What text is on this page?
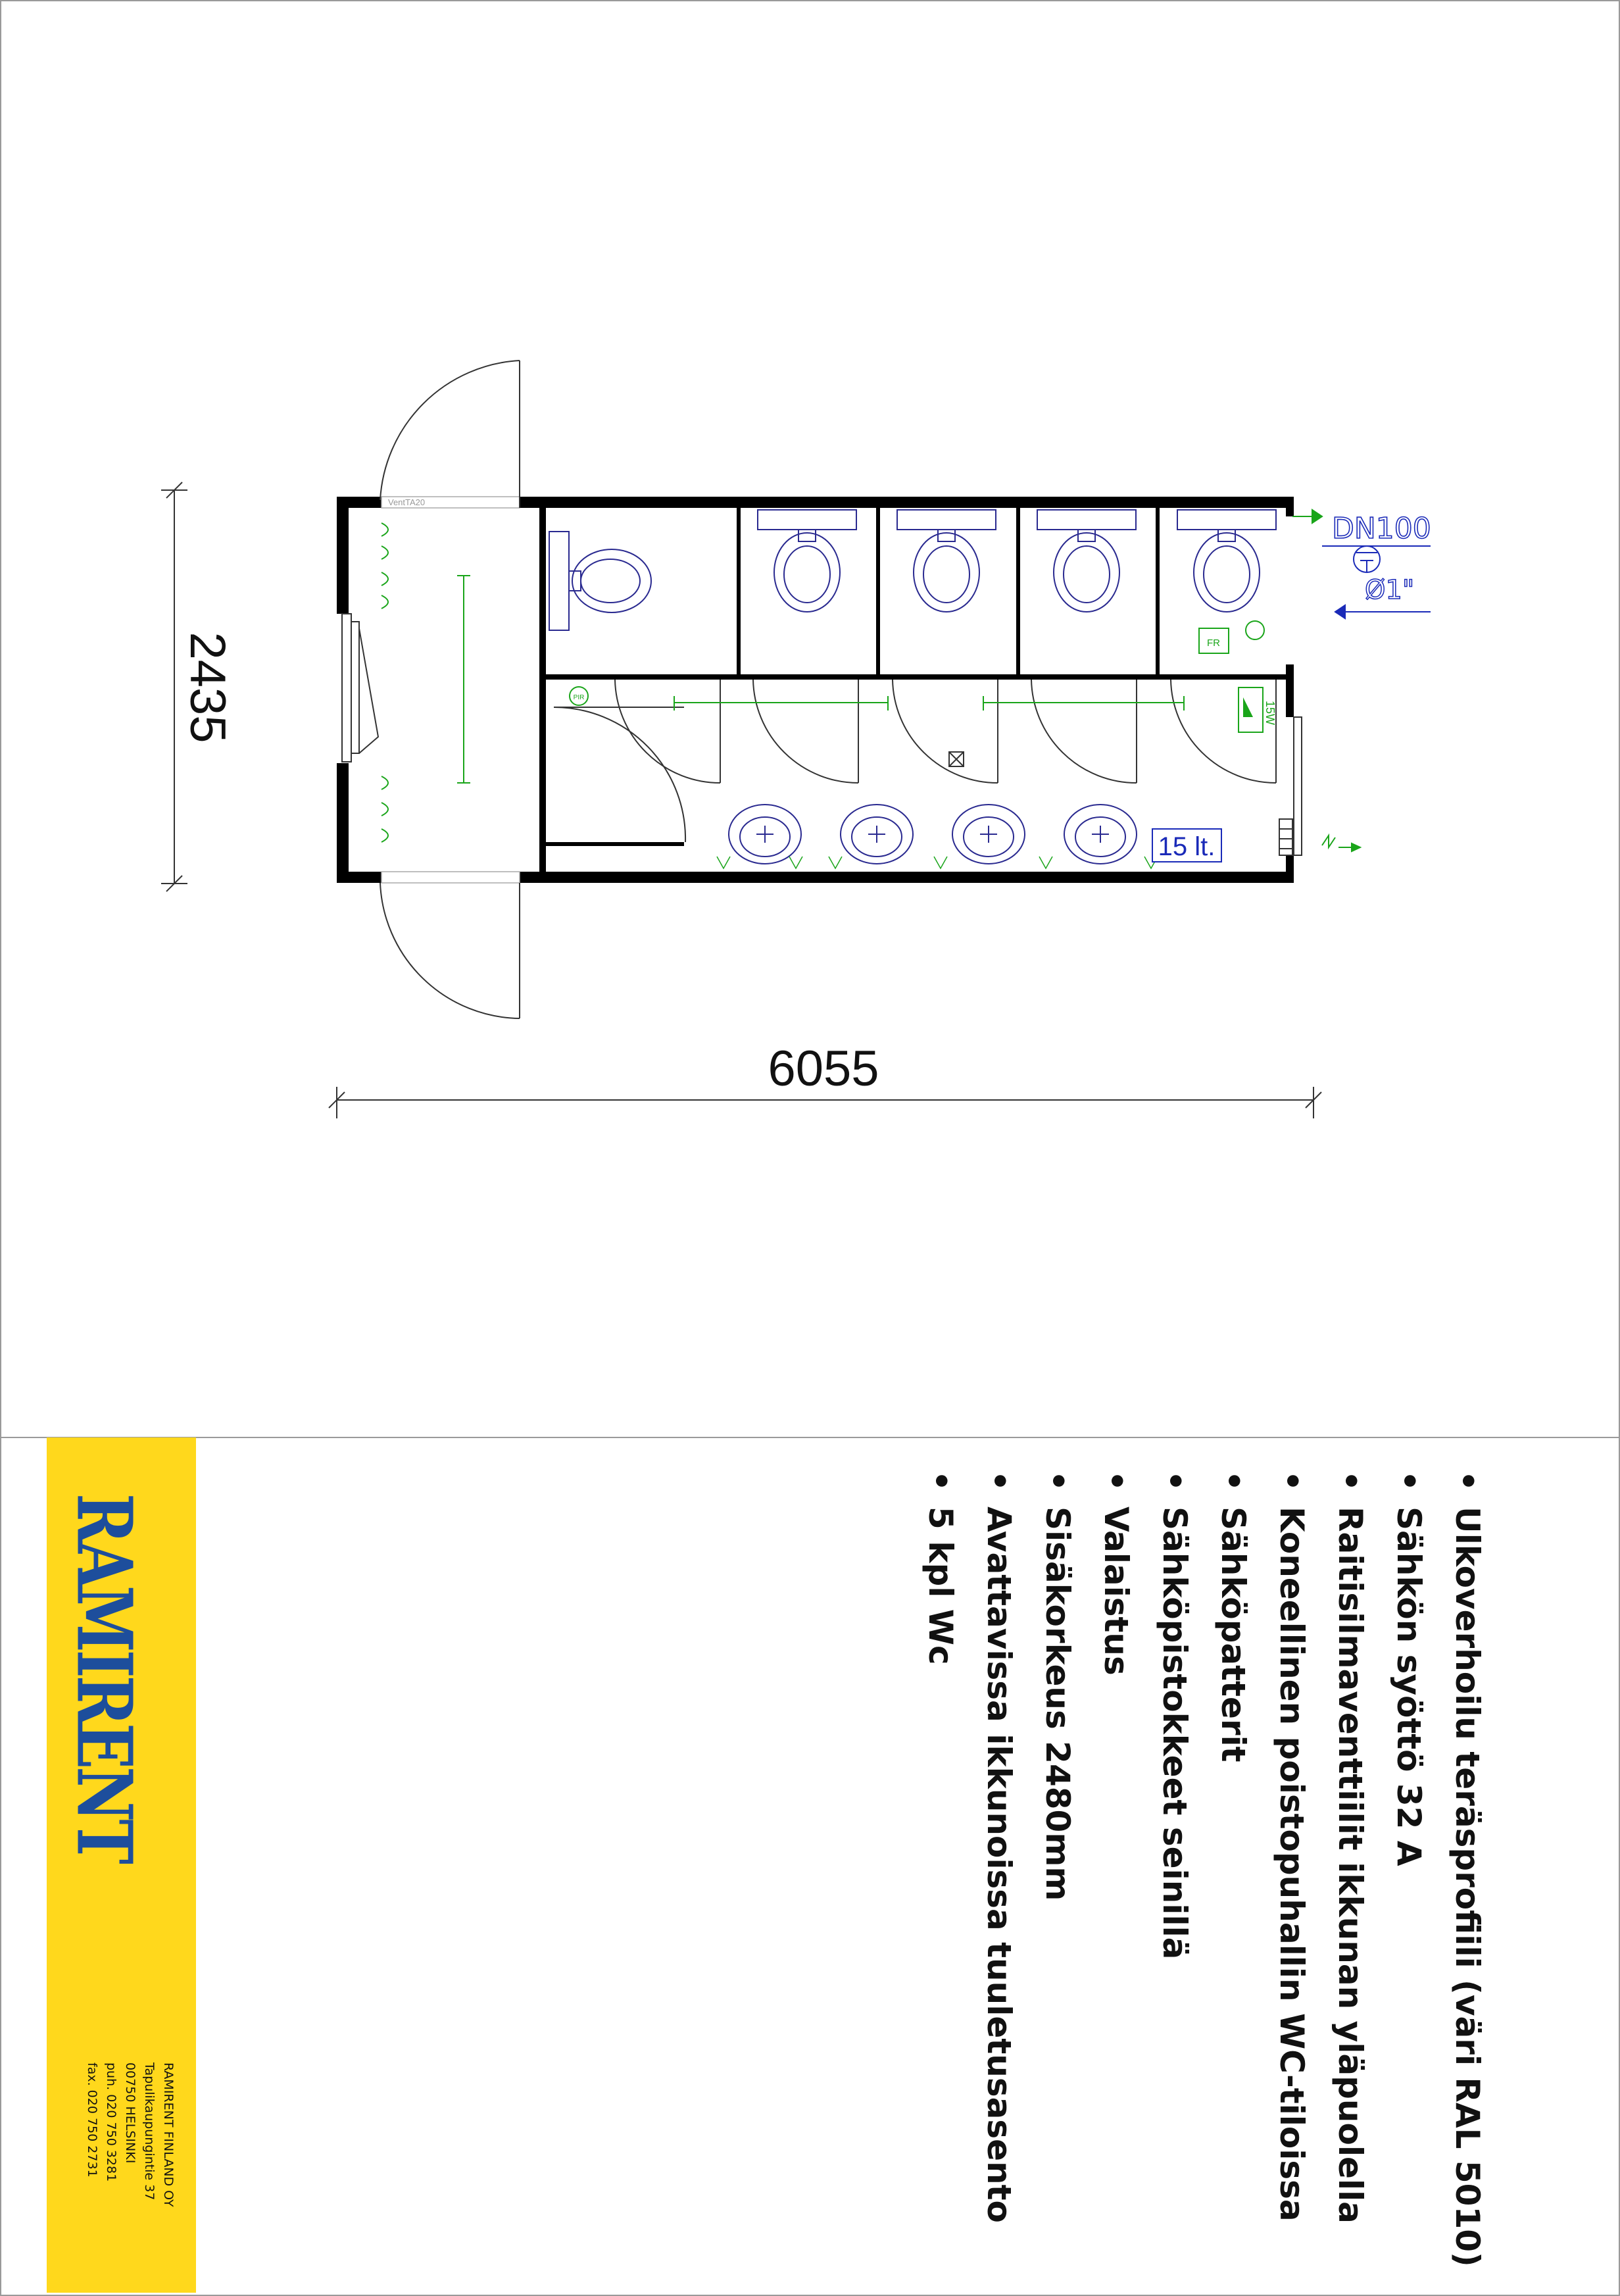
2435
6055
VentTA20
FR
PIR
15W
15 lt.
DN100
Ø1"
• Ulkoverhoilu teräsprofiili (väri RAL 5010)
• Sähkön syöttö 32 A
• Raitisilmaventtiilit ikkunan yläpuolella
• Koneellinen poistopuhallin WC-tiloissa
• Sähköpatterit
• Sähköpistokkeet seinillä
• Valaistus
• Sisäkorkeus 2480mm
• Avattavissa ikkunoissa tuuletusasento
• 5 kpl Wc
RAMIRENT
RAMIRENT FINLAND OY
Tapulikaupungintie 37
00750 HELSINKI
puh. 020 750 3281
fax. 020 750 2731
